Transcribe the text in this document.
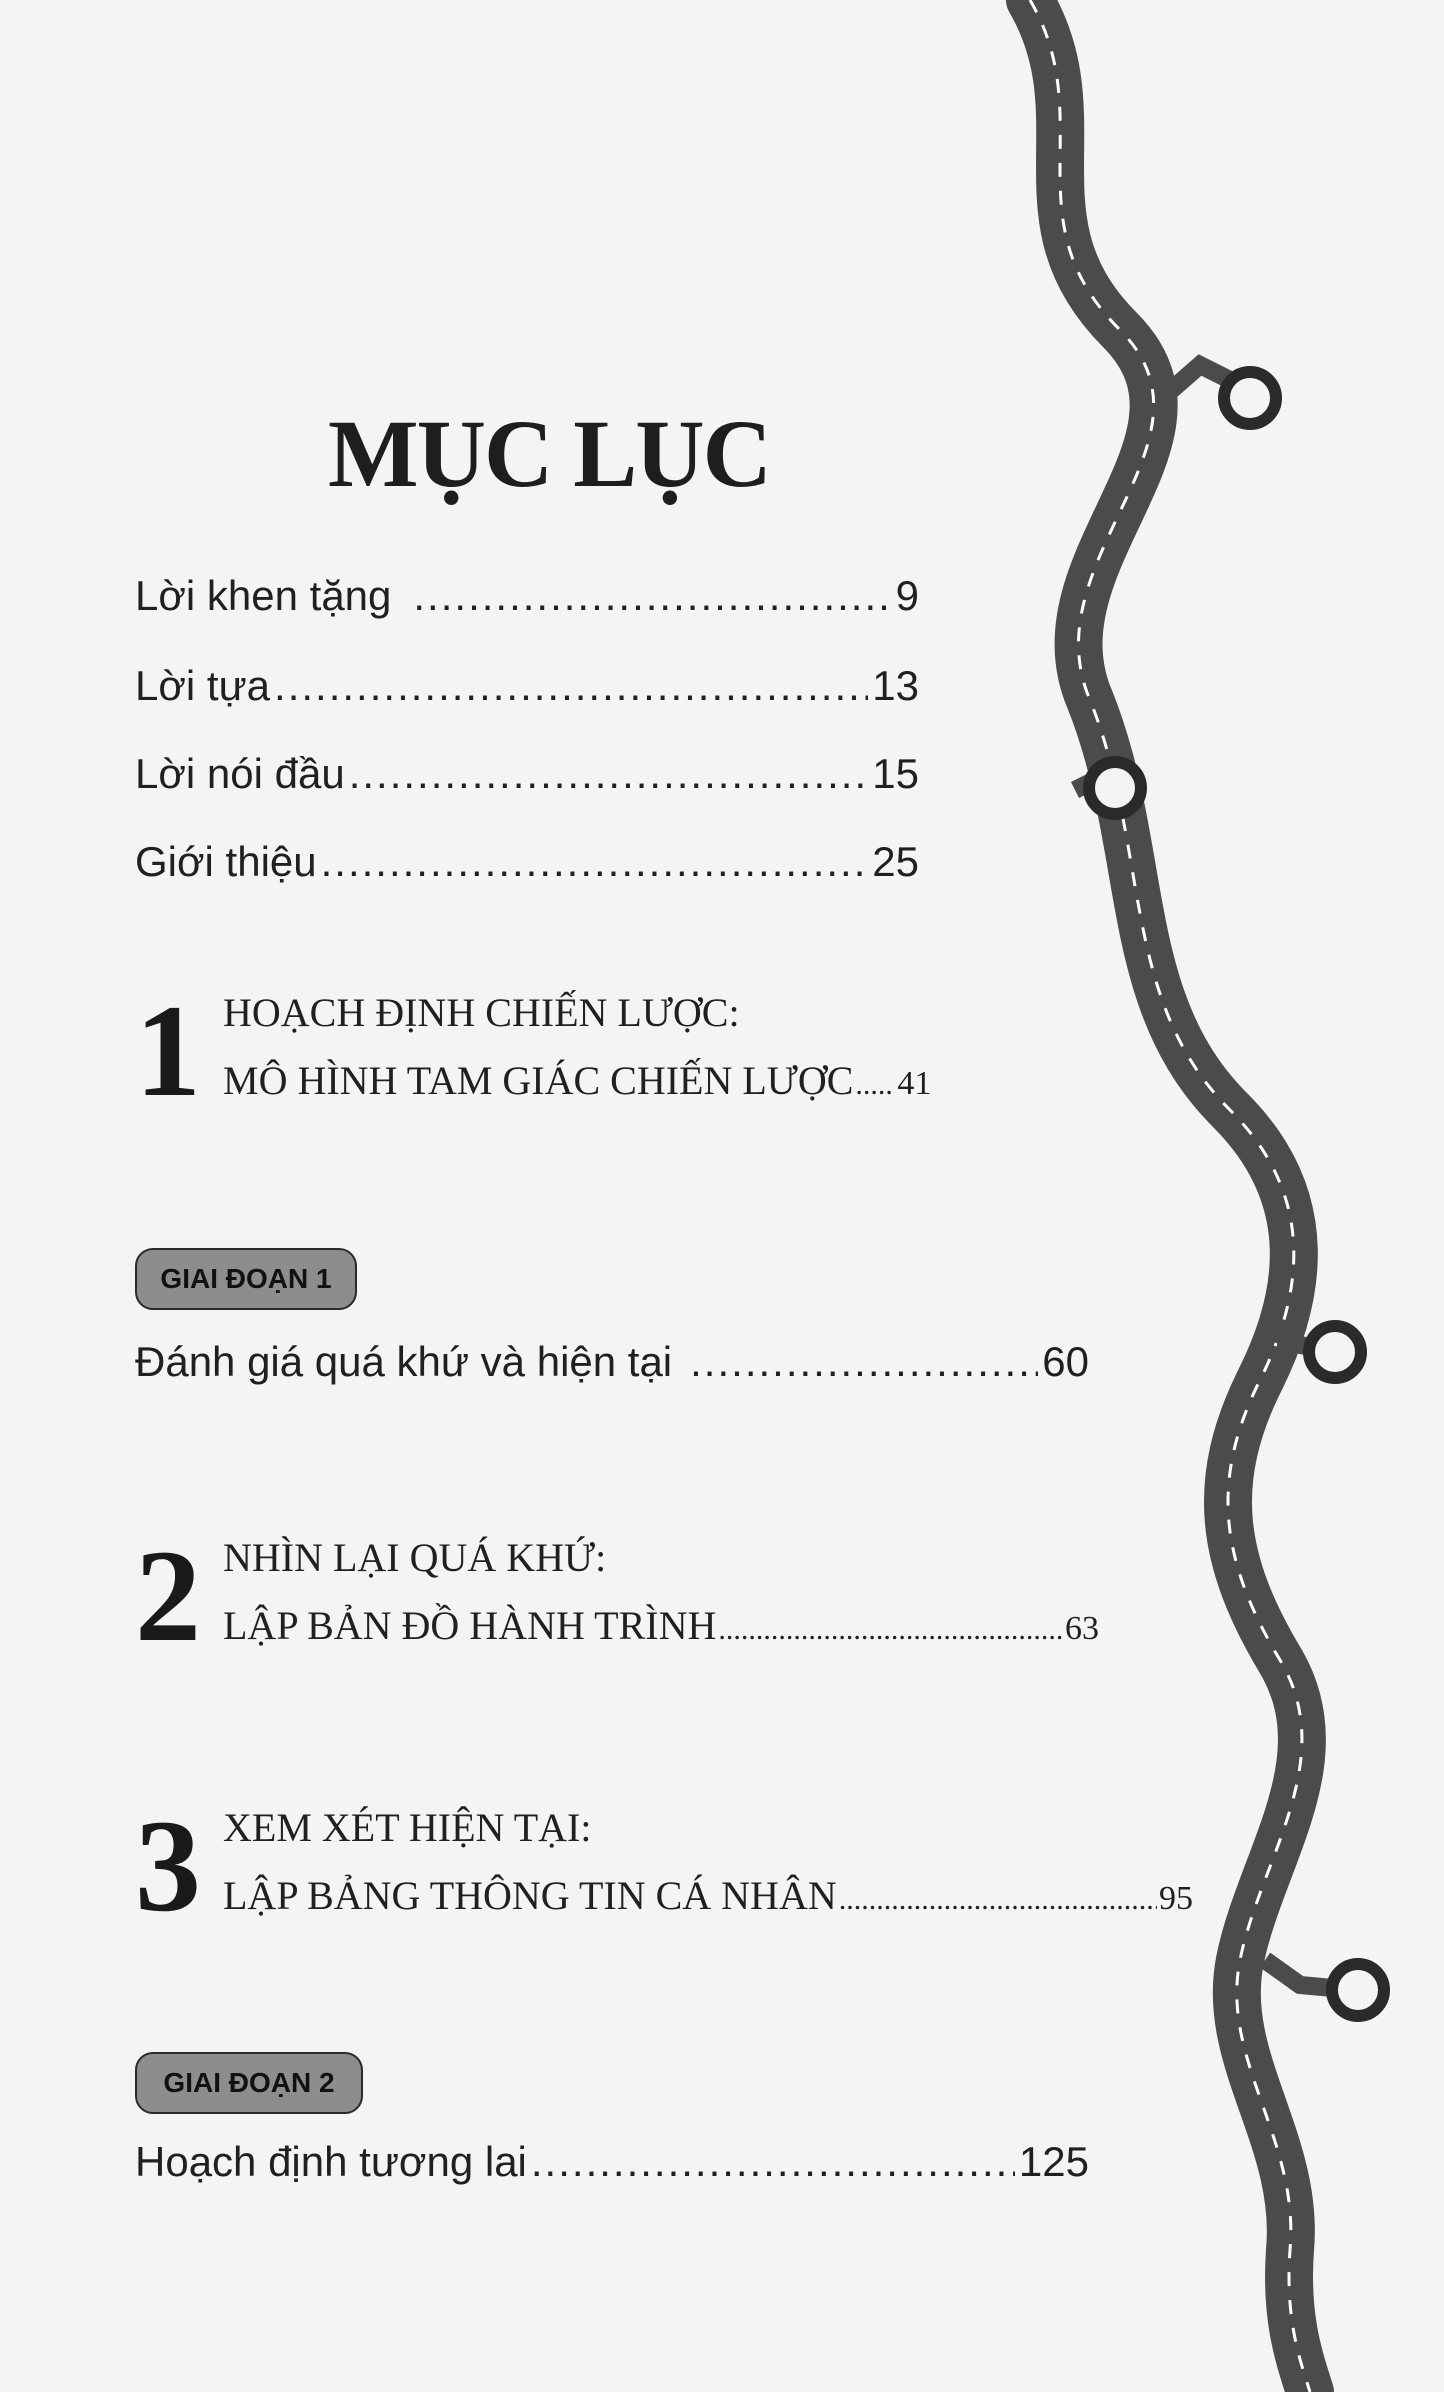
MỤC LỤC
Lời khen tặng .....	9
Lời tựa .....	13
Lời nói đầu .....	15
Giới thiệu .....	25
1 HOẠCH ĐỊNH CHIẾN LƯỢC:
MÔ HÌNH TAM GIÁC CHIẾN LƯỢC ..... 41
GIAI ĐOẠN 1
Đánh giá quá khứ và hiện tại .....	60
2 NHÌN LẠI QUÁ KHỨ:
LẬP BẢN ĐỒ HÀNH TRÌNH .....	63
3 XEM XÉT HIỆN TẠI:
LẬP BẢNG THÔNG TIN CÁ NHÂN .....	95
GIAI ĐOẠN 2
Hoạch định tương lai .....	125
